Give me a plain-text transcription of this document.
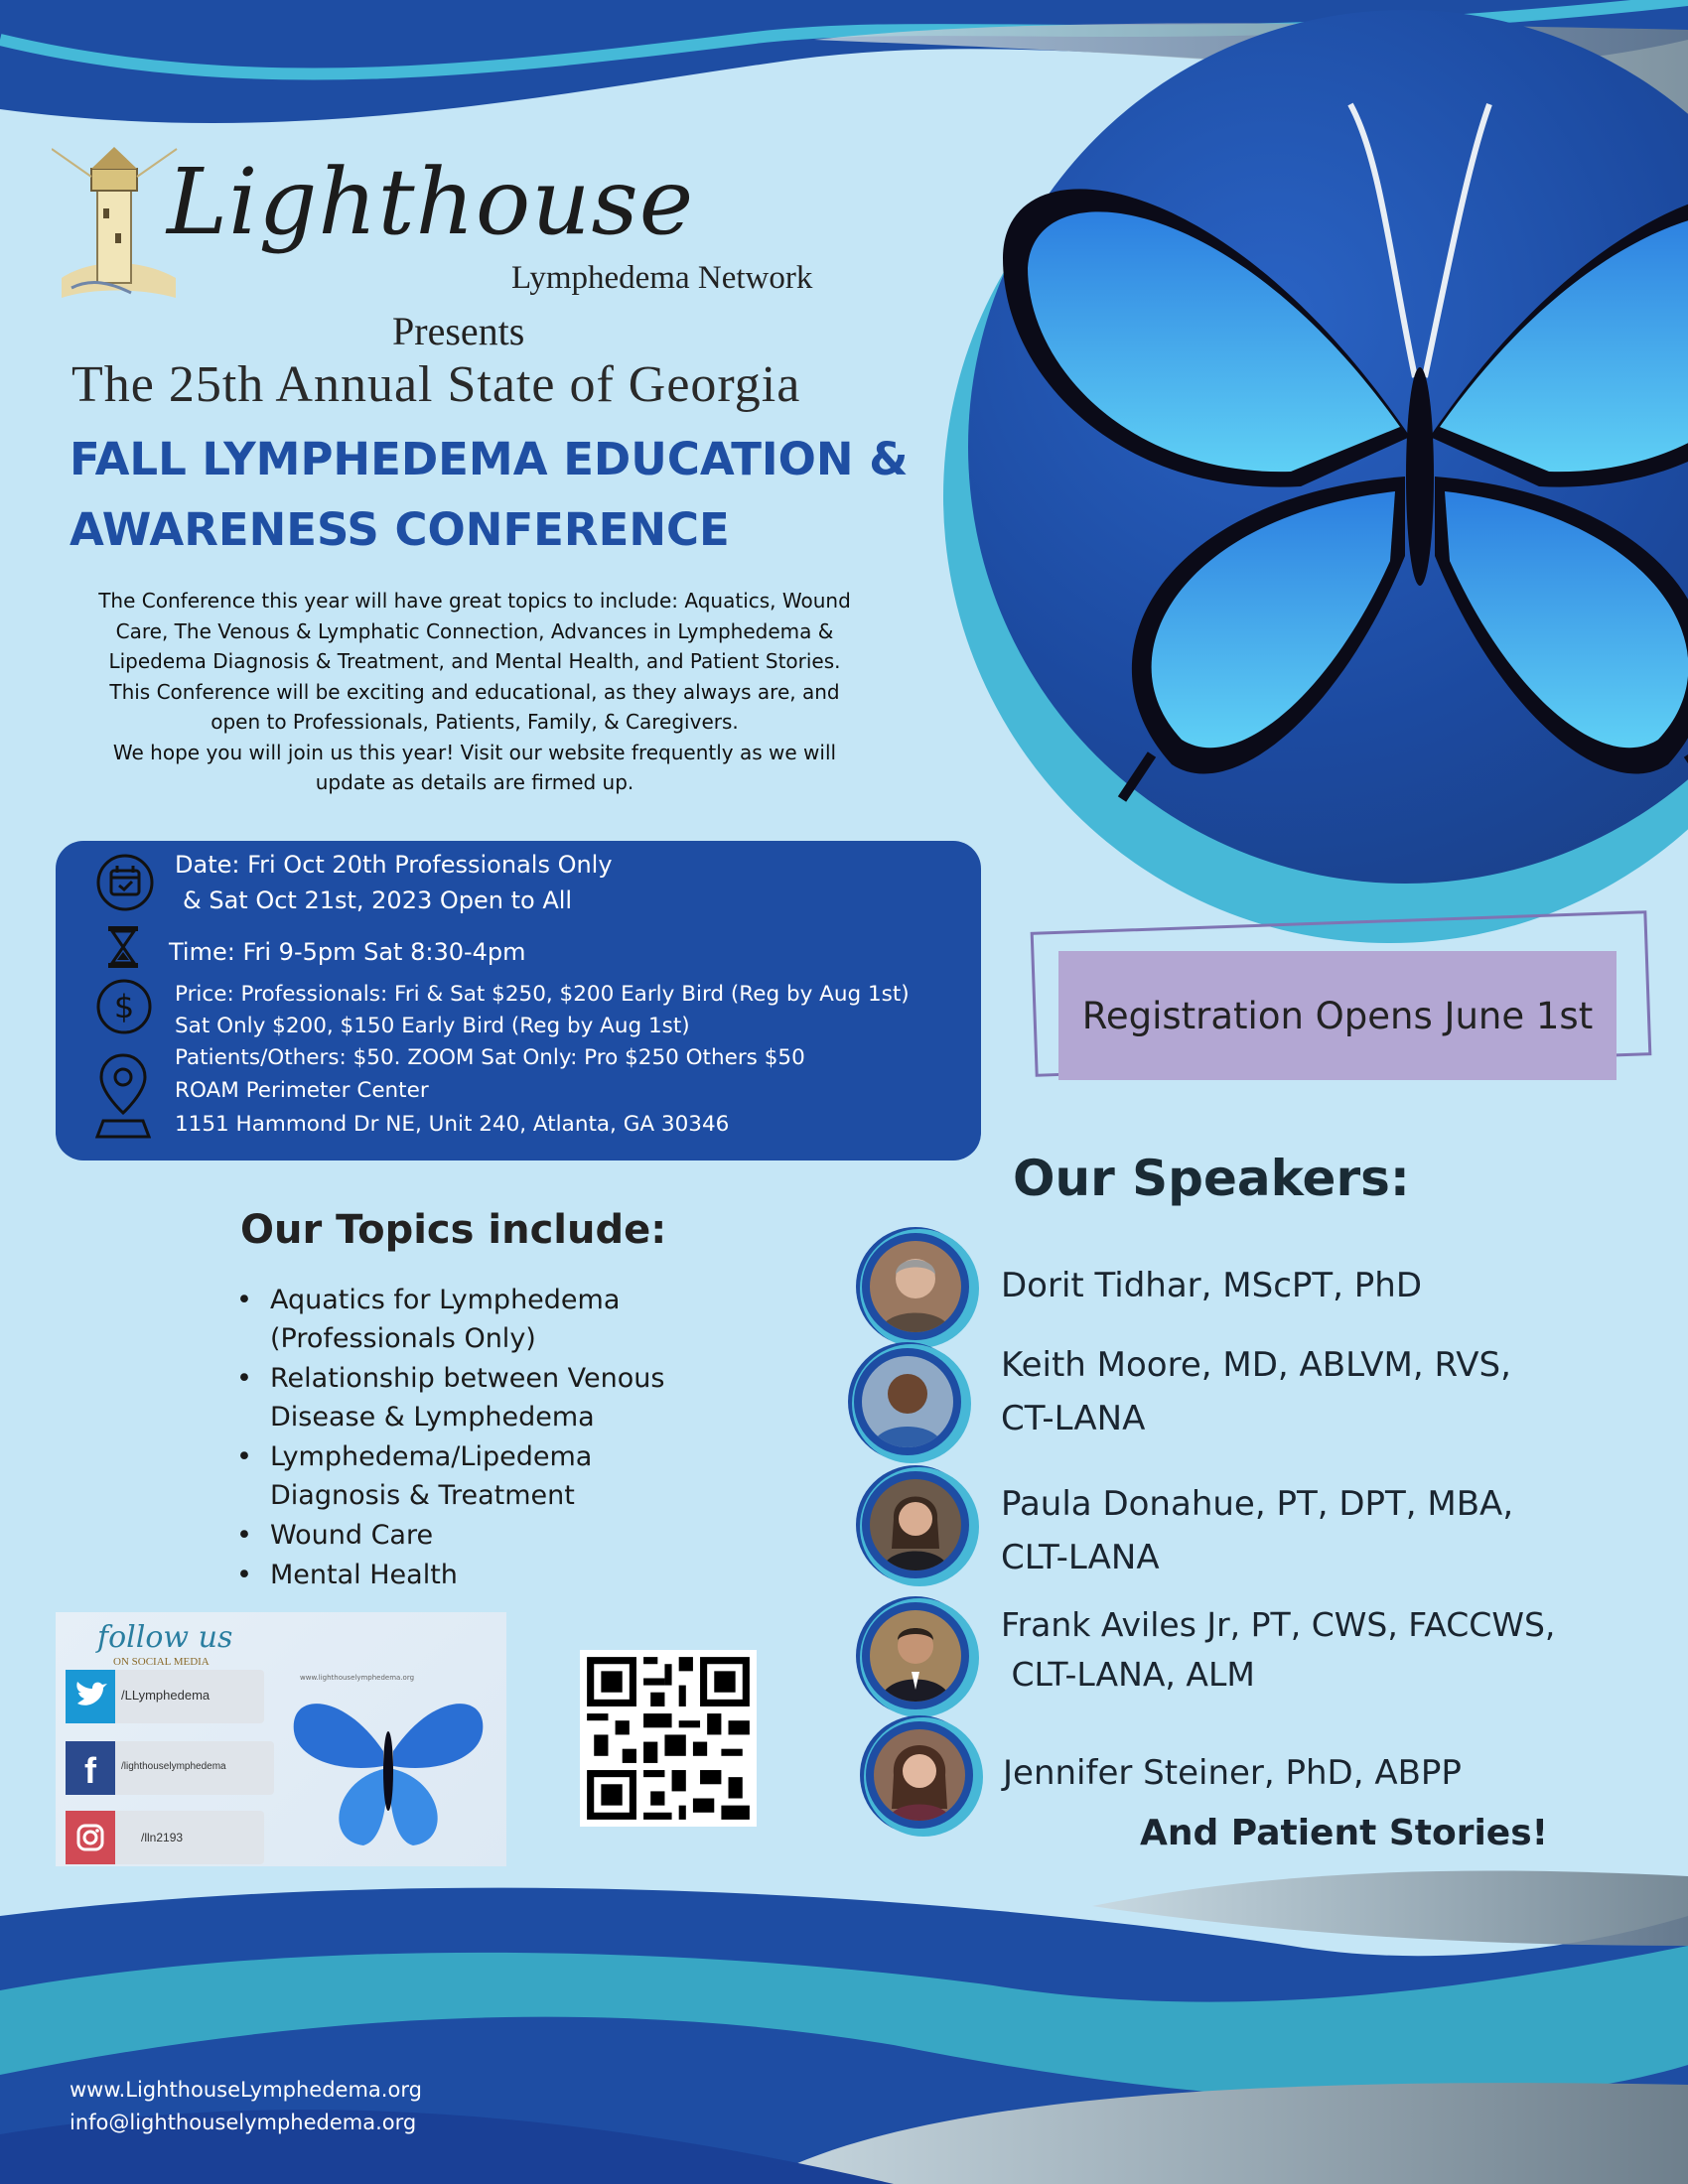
Lighthouse
Lymphedema Network
Presents
The 25th Annual State of Georgia
FALL LYMPHEDEMA EDUCATION &
AWARENESS CONFERENCE

The Conference this year will have great topics to include: Aquatics, Wound

Care, The Venous & Lymphatic Connection, Advances in Lymphedema &

Lipedema Diagnosis & Treatment, and Mental Health, and Patient Stories.

This Conference will be exciting and educational, as they always are, and

open to Professionals, Patients, Family, & Caregivers.

We hope you will join us this year! Visit our website frequently as we will

update as details are firmed up.

Date: Fri Oct 20th Professionals Only
& Sat Oct 21st, 2023 Open to All
Time: Fri 9-5pm Sat 8:30-4pm
$ Price: Professionals: Fri & Sat $250, $200 Early Bird (Reg by Aug 1st)
Sat Only $200, $150 Early Bird (Reg by Aug 1st)
Patients/Others: $50. ZOOM Sat Only: Pro $250 Others $50
ROAM Perimeter Center
1151 Hammond Dr NE, Unit 240, Atlanta, GA 30346
Registration Opens June 1st
Our Topics include:
• Aquatics for Lymphedema
(Professionals Only)
• Relationship between Venous
Disease & Lymphedema
• Lymphedema/Lipedema
Diagnosis & Treatment
• Wound Care
• Mental Health
Our Speakers:
Dorit Tidhar, MScPT, PhD
Keith Moore, MD, ABLVM, RVS,
CT-LANA
Paula Donahue, PT, DPT, MBA,
CLT-LANA
Frank Aviles Jr, PT, CWS, FACCWS,
CLT-LANA, ALM
Jennifer Steiner, PhD, ABPP
And Patient Stories!
follow us
ON SOCIAL MEDIA
www.lighthouselymphedema.org
/LLymphedema
f	/lighthouselymphedema
/lln2193
www.LighthouseLymphedema.org
info@lighthouselymphedema.org
